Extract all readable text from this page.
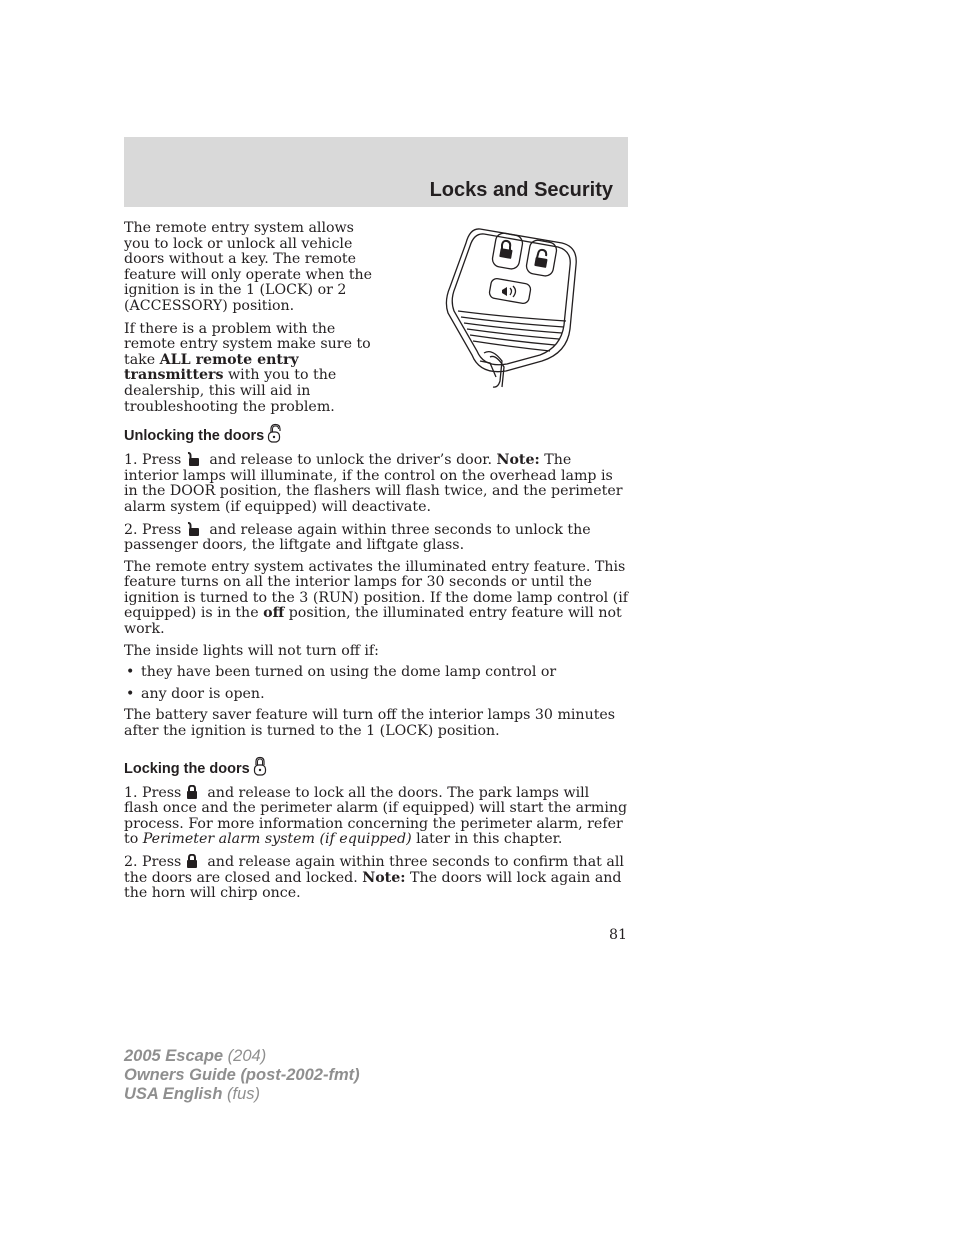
Locks and Security

The remote entry system allows you to lock or unlock all vehicle doors without a key. The remote feature will only operate when the ignition is in the 1 (LOCK) or 2 (ACCESSORY) position.

If there is a problem with the remote entry system make sure to take ALL remote entry transmitters with you to the dealership, this will aid in troubleshooting the problem.

Unlocking the doors

1. Press and release to unlock the driver’s door. Note: The interior lamps will illuminate, if the control on the overhead lamp is in the DOOR position, the flashers will flash twice, and the perimeter alarm system (if equipped) will deactivate.

2. Press and release again within three seconds to unlock the passenger doors, the liftgate and liftgate glass.

The remote entry system activates the illuminated entry feature. This feature turns on all the interior lamps for 30 seconds or until the ignition is turned to the 3 (RUN) position. If the dome lamp control (if equipped) is in the off position, the illuminated entry feature will not work.

The inside lights will not turn off if:

• they have been turned on using the dome lamp control or
• any door is open.

The battery saver feature will turn off the interior lamps 30 minutes after the ignition is turned to the 1 (LOCK) position.

Locking the doors

1. Press and release to lock all the doors. The park lamps will flash once and the perimeter alarm (if equipped) will start the arming process. For more information concerning the perimeter alarm, refer to Perimeter alarm system (if equipped) later in this chapter.

2. Press and release again within three seconds to confirm that all the doors are closed and locked. Note: The doors will lock again and the horn will chirp once.

81
2005 Escape (204)
Owners Guide (post-2002-fmt)
USA English (fus)
